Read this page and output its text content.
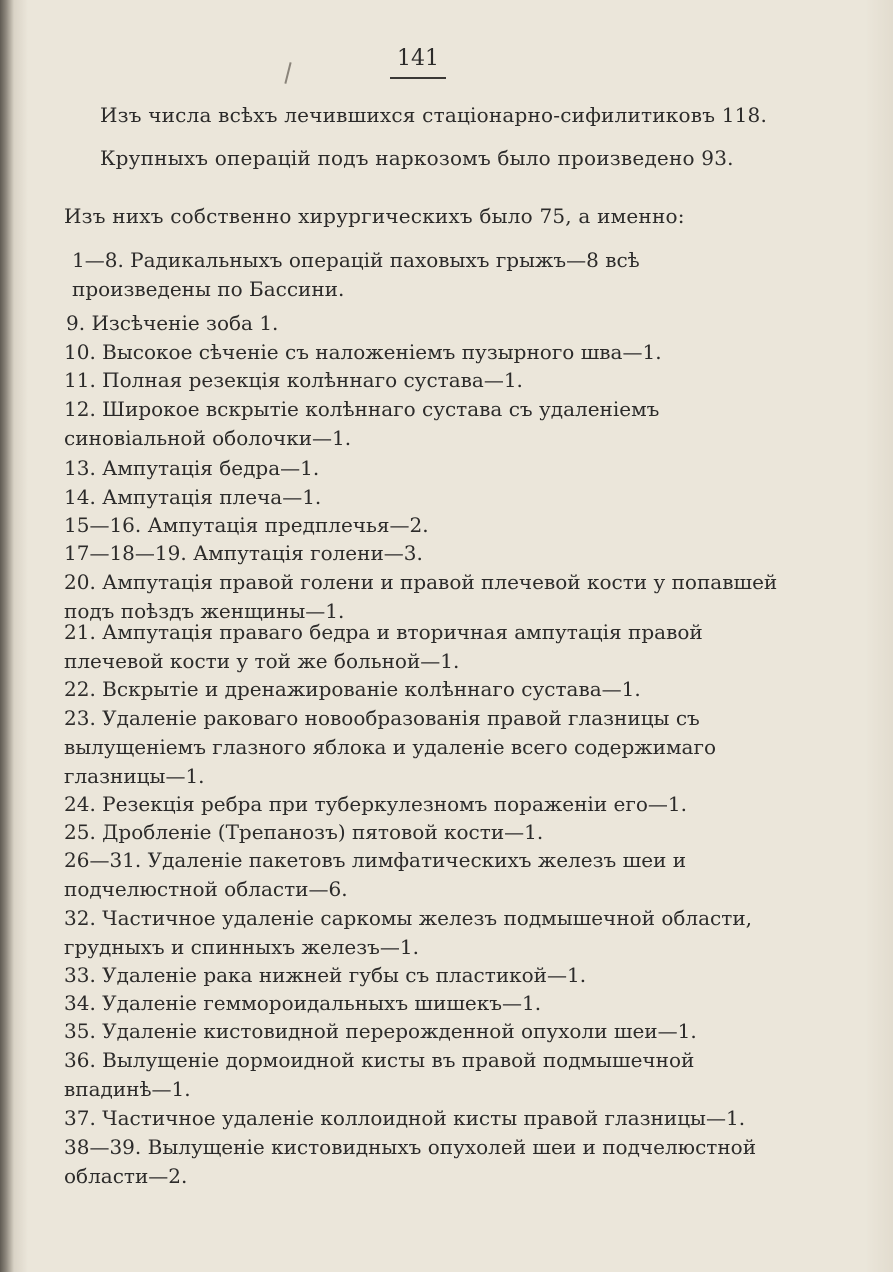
141
Изъ числа всѣхъ лечившихся стаціонарно-сифилитиковъ 118.
Крупныхъ операцій подъ наркозомъ было произведено 93.
Изъ нихъ собственно хирургическихъ было 75, а именно:
1—8. Радикальныхъ операцій паховыхъ грыжъ—8 всѣ произведены по Бассини.
9. Изсѣченіе зоба 1.
10. Высокое сѣченіе съ наложеніемъ пузырного шва—1.
11. Полная резекція колѣннаго сустава—1.
12. Широкое вскрытіе колѣннаго сустава съ удаленіемъ синовіальной оболочки—1.
13. Ампутація бедра—1.
14. Ампутація плеча—1.
15—16. Ампутація предплечья—2.
17—18—19. Ампутація голени—3.
20. Ампутація правой голени и правой плечевой кости у попавшей подъ поѣздъ женщины—1.
21. Ампутація праваго бедра и вторичная ампутація правой плечевой кости у той же больной—1.
22. Вскрытіе и дренажированіе колѣннаго сустава—1.
23. Удаленіе раковаго новообразованія правой глазницы съ вылущеніемъ глазного яблока и удаленіе всего содержимаго глазницы—1.
24. Резекція ребра при туберкулезномъ пораженіи его—1.
25. Дробленіе (Трепанозъ) пятовой кости—1.
26—31. Удаленіе пакетовъ лимфатическихъ железъ шеи и подчелюстной области—6.
32. Частичное удаленіе саркомы железъ подмышечной области, грудныхъ и спинныхъ железъ—1.
33. Удаленіе рака нижней губы съ пластикой—1.
34. Удаленіе геммороидальныхъ шишекъ—1.
35. Удаленіе кистовидной перерожденной опухоли шеи—1.
36. Вылущеніе дормоидной кисты въ правой подмышечной впадинѣ—1.
37. Частичное удаленіе коллоидной кисты правой глазницы—1.
38—39. Вылущеніе кистовидныхъ опухолей шеи и подчелюстной области—2.
